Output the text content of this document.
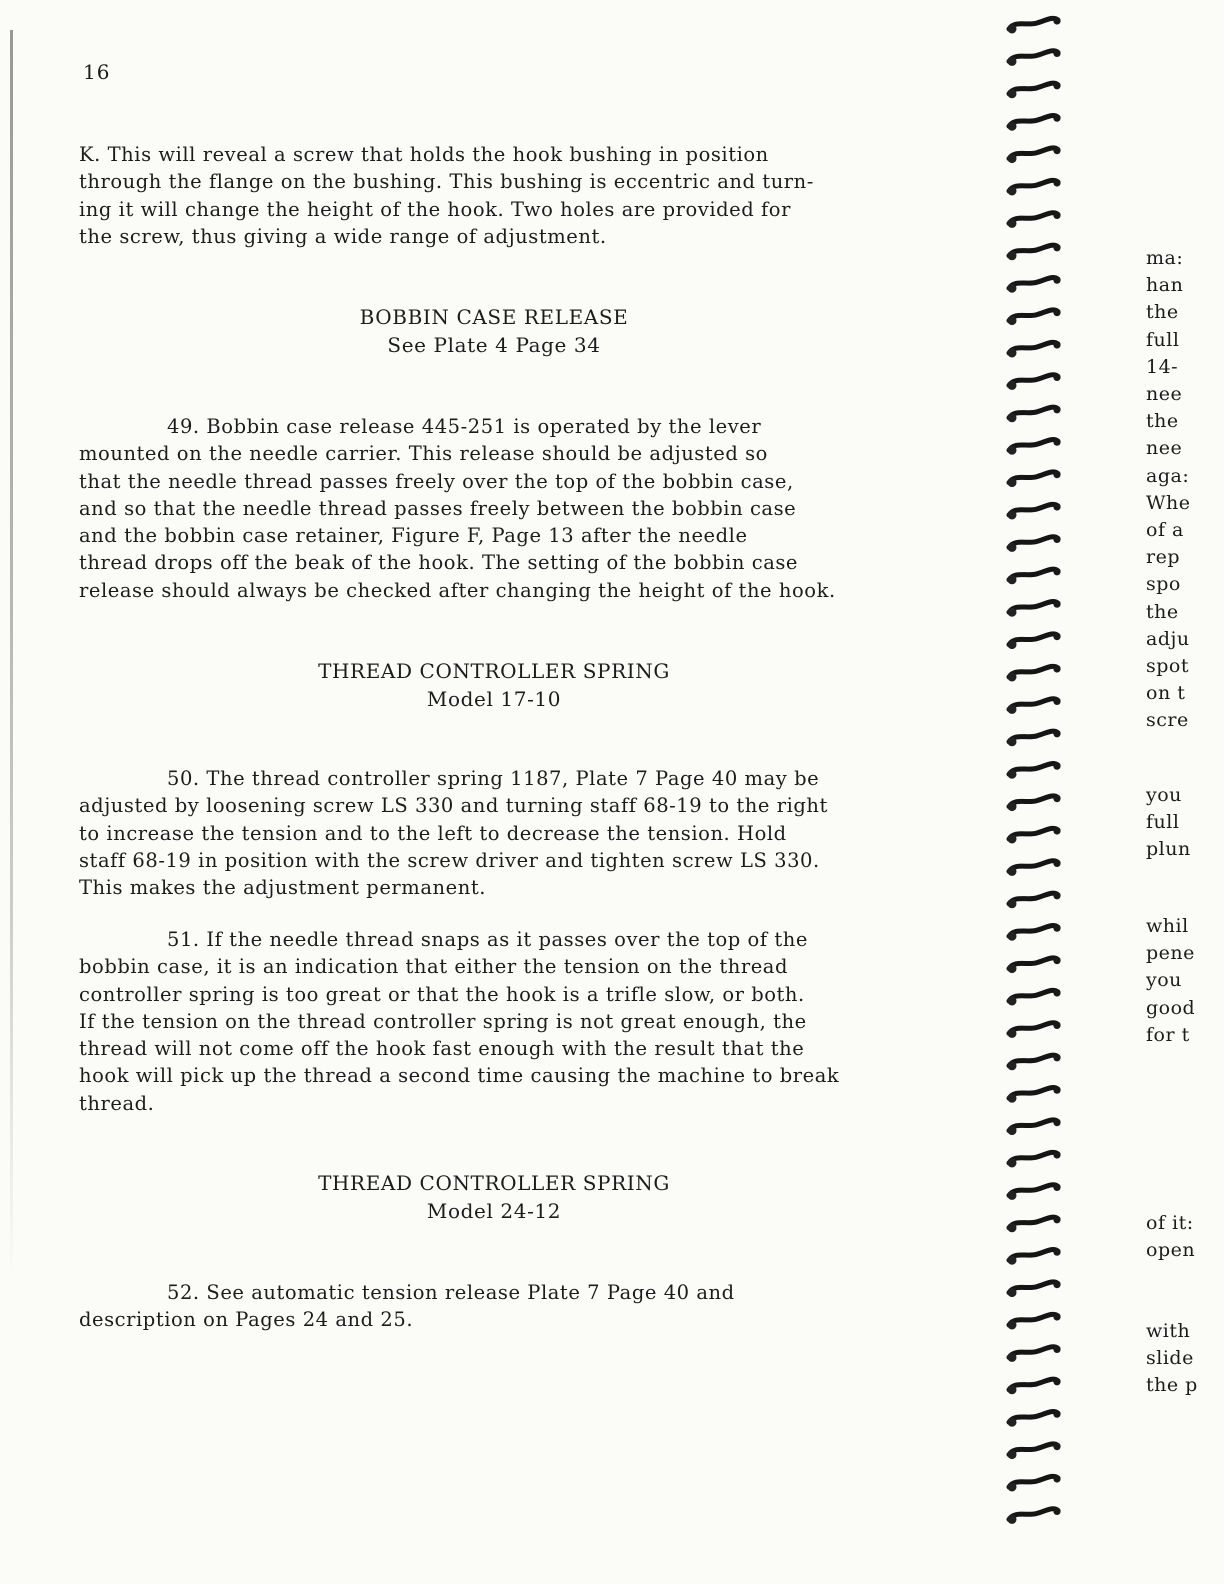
16
K. This will reveal a screw that holds the hook bushing in position
through the flange on the bushing. This bushing is eccentric and turn-
ing it will change the height of the hook. Two holes are provided for
the screw, thus giving a wide range of adjustment.
BOBBIN CASE RELEASE
See Plate 4 Page 34
49. Bobbin case release 445-251 is operated by the lever
mounted on the needle carrier. This release should be adjusted so
that the needle thread passes freely over the top of the bobbin case,
and so that the needle thread passes freely between the bobbin case
and the bobbin case retainer, Figure F, Page 13 after the needle
thread drops off the beak of the hook. The setting of the bobbin case
release should always be checked after changing the height of the hook.
THREAD CONTROLLER SPRING
Model 17-10
50. The thread controller spring 1187, Plate 7 Page 40 may be
adjusted by loosening screw LS 330 and turning staff 68-19 to the right
to increase the tension and to the left to decrease the tension. Hold
staff 68-19 in position with the screw driver and tighten screw LS 330.
This makes the adjustment permanent.
51. If the needle thread snaps as it passes over the top of the
bobbin case, it is an indication that either the tension on the thread
controller spring is too great or that the hook is a trifle slow, or both.
If the tension on the thread controller spring is not great enough, the
thread will not come off the hook fast enough with the result that the
hook will pick up the thread a second time causing the machine to break
thread.
THREAD CONTROLLER SPRING
Model 24-12
52. See automatic tension release Plate 7 Page 40 and
description on Pages 24 and 25.
ma:
han
the
full
14-
nee
the
nee
aga:
Whe
of a
rep
spo
the
adju
spot
on t
scre
you
full
plun
whil
pene
you
good
for t
of it:
open
with
slide
the p
